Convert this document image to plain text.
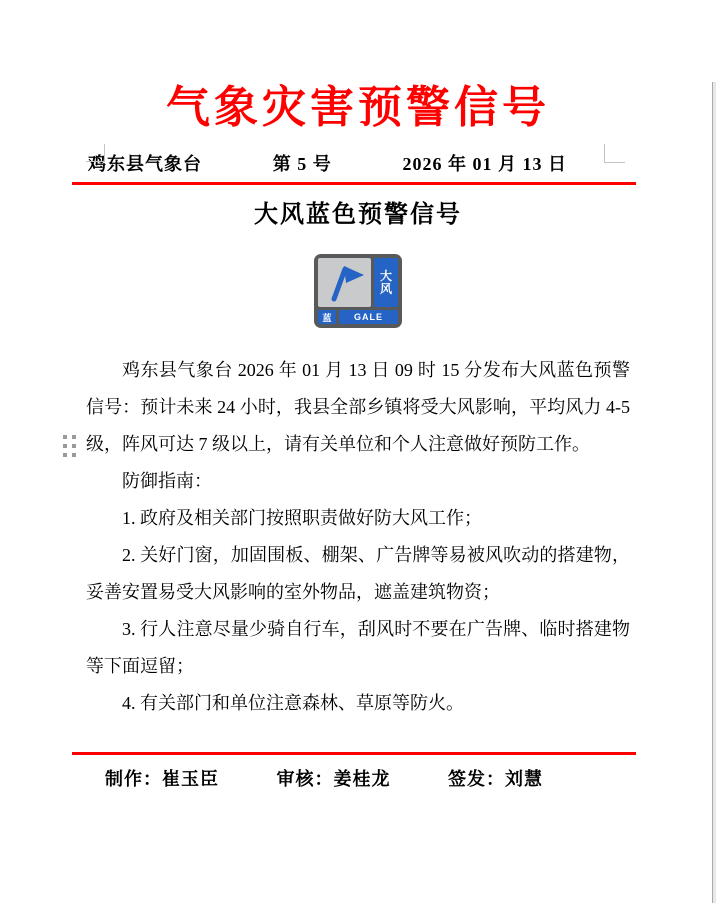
气象灾害预警信号
鸡东县气象台	第 5 号	2026 年 01 月 13 日
大风蓝色预警信号
大
风
蓝	GALE

鸡东县气象台 2026 年 01 月 13 日 09 时 15 分发布大风蓝色预警信号：预计未来 24 小时，我县全部乡镇将受大风影响，平均风力 4-5 级，阵风可达 7 级以上，请有关单位和个人注意做好预防工作。

防御指南：

1. 政府及相关部门按照职责做好防大风工作；

2. 关好门窗，加固围板、棚架、广告牌等易被风吹动的搭建物，妥善安置易受大风影响的室外物品，遮盖建筑物资；

3. 行人注意尽量少骑自行车，刮风时不要在广告牌、临时搭建物等下面逗留；

4. 有关部门和单位注意森林、草原等防火。

制作：崔玉臣	审核：姜桂龙	签发：刘慧
